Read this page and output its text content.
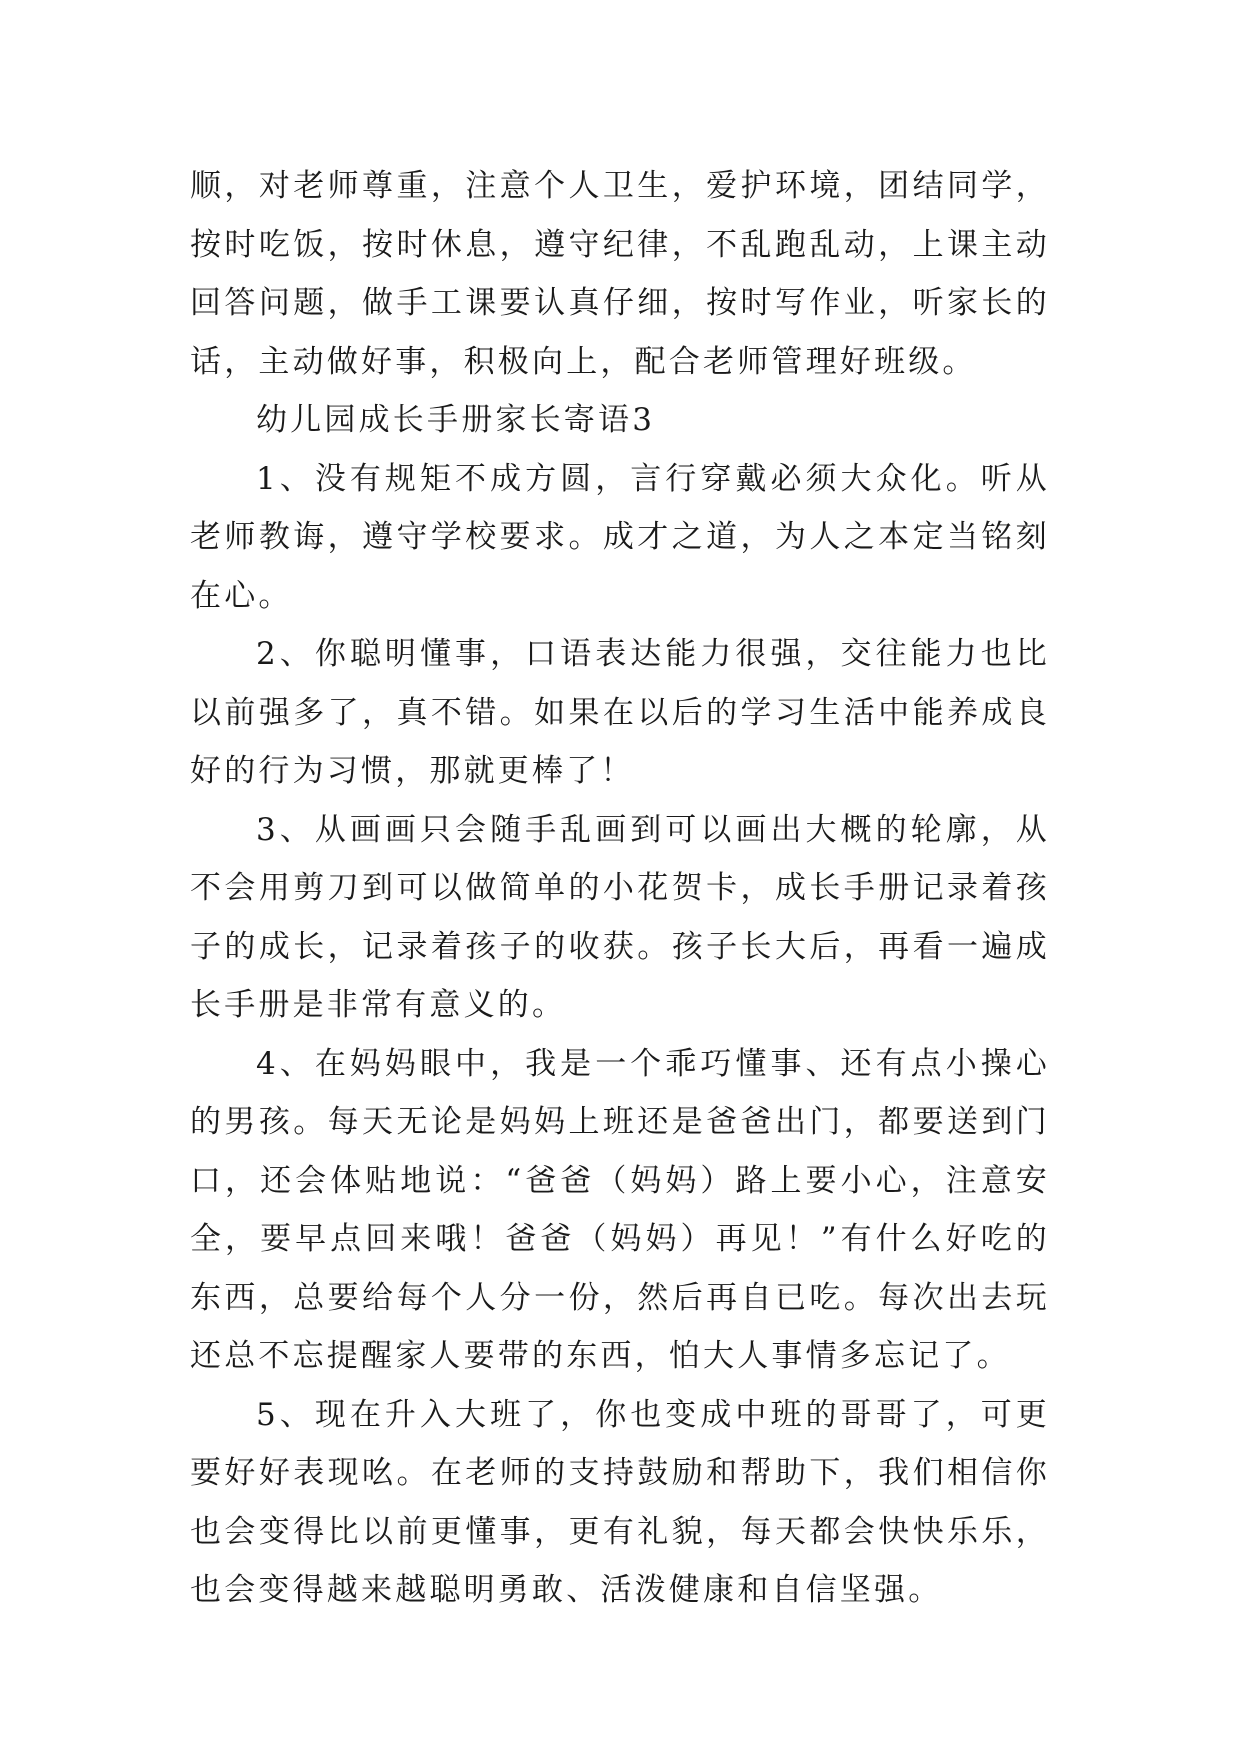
顺，对老师尊重，注意个人卫生，爱护环境，团结同学，按时吃饭，按时休息，遵守纪律，不乱跑乱动，上课主动回答问题，做手工课要认真仔细，按时写作业，听家长的话，主动做好事，积极向上，配合老师管理好班级。

幼儿园成长手册家长寄语3

1、没有规矩不成方圆，言行穿戴必须大众化。听从老师教诲，遵守学校要求。成才之道，为人之本定当铭刻在心。

2、你聪明懂事，口语表达能力很强，交往能力也比以前强多了，真不错。如果在以后的学习生活中能养成良好的行为习惯，那就更棒了！

3、从画画只会随手乱画到可以画出大概的轮廓，从不会用剪刀到可以做简单的小花贺卡，成长手册记录着孩子的成长，记录着孩子的收获。孩子长大后，再看一遍成长手册是非常有意义的。

4、在妈妈眼中，我是一个乖巧懂事、还有点小操心的男孩。每天无论是妈妈上班还是爸爸出门，都要送到门口，还会体贴地说：“爸爸（妈妈）路上要小心，注意安全，要早点回来哦！爸爸（妈妈）再见！”有什么好吃的东西，总要给每个人分一份，然后再自已吃。每次出去玩还总不忘提醒家人要带的东西，怕大人事情多忘记了。

5、现在升入大班了，你也变成中班的哥哥了，可更要好好表现吆。在老师的支持鼓励和帮助下，我们相信你也会变得比以前更懂事，更有礼貌，每天都会快快乐乐，也会变得越来越聪明勇敢、活泼健康和自信坚强。
